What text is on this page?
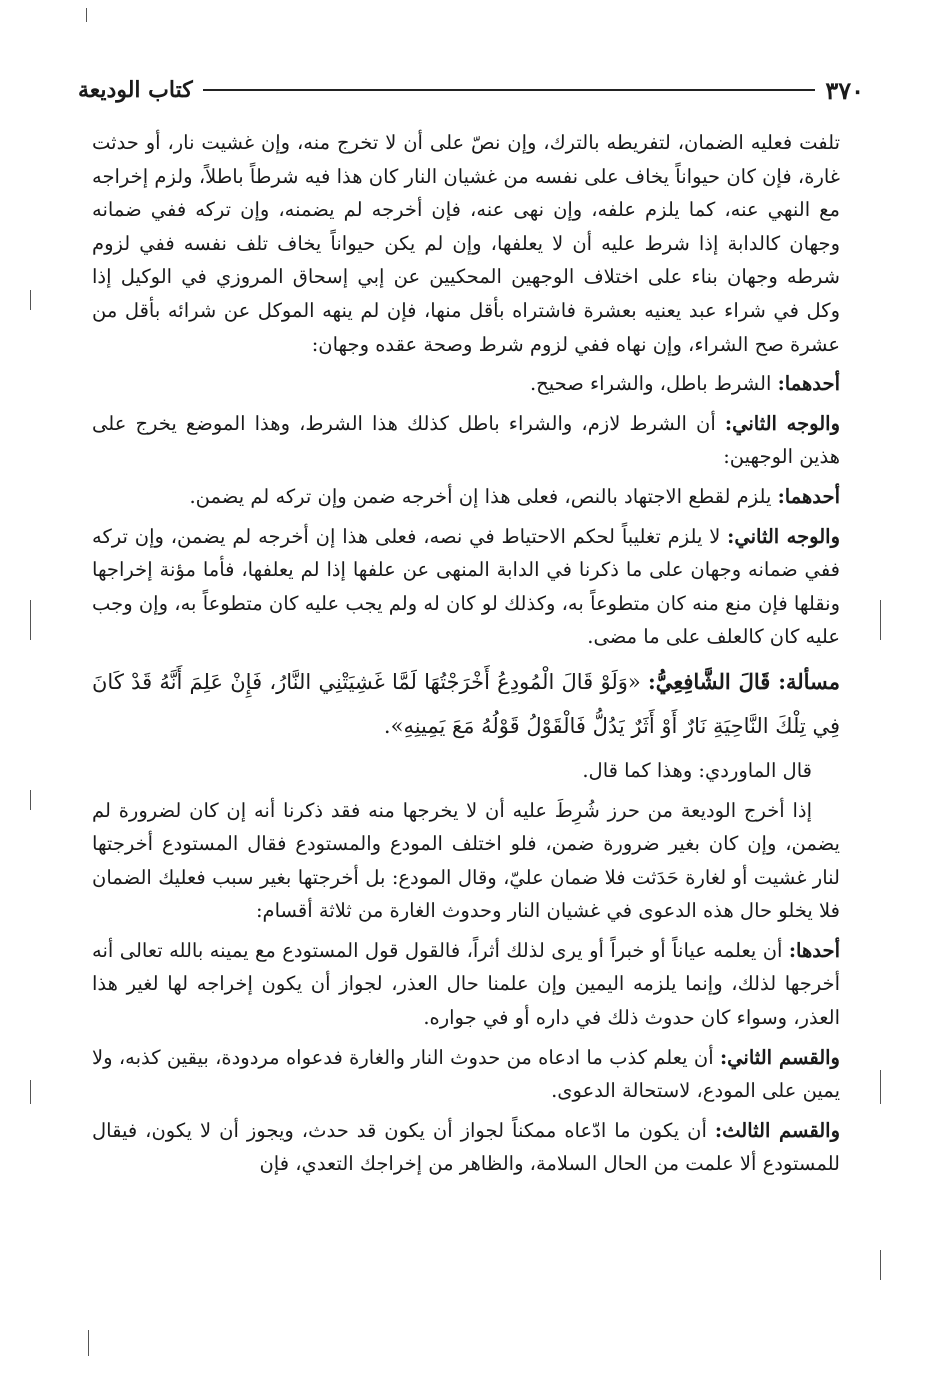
٣٧٠
كتاب الوديعة

تلفت فعليه الضمان، لتفريطه بالترك، وإن نصّ على أن لا تخرج منه، وإن غشيت نار، أو حدثت غارة، فإن كان حيواناً يخاف على نفسه من غشيان النار كان هذا فيه شرطاً باطلاً، ولزم إخراجه مع النهي عنه، كما يلزم علفه، وإن نهى عنه، فإن أخرجه لم يضمنه، وإن تركه ففي ضمانه وجهان كالدابة إذا شرط عليه أن لا يعلفها، وإن لم يكن حيواناً يخاف تلف نفسه ففي لزوم شرطه وجهان بناء على اختلاف الوجهين المحكيين عن إبي إسحاق المروزي في الوكيل إذا وكل في شراء عبد يعنيه بعشرة فاشتراه بأقل منها، فإن لم ينهه الموكل عن شرائه بأقل من عشرة صح الشراء، وإن نهاه ففي لزوم شرط وصحة عقده وجهان:

أحدهما: الشرط باطل، والشراء صحيح.

والوجه الثاني: أن الشرط لازم، والشراء باطل كذلك هذا الشرط، وهذا الموضع يخرج على هذين الوجهين:

أحدهما: يلزم لقطع الاجتهاد بالنص، فعلى هذا إن أخرجه ضمن وإن تركه لم يضمن.

والوجه الثاني: لا يلزم تغليباً لحكم الاحتياط في نصه، فعلى هذا إن أخرجه لم يضمن، وإن تركه ففي ضمانه وجهان على ما ذكرنا في الدابة المنهى عن علفها إذا لم يعلفها، فأما مؤنة إخراجها ونقلها فإن منع منه كان متطوعاً به، وكذلك لو كان له ولم يجب عليه كان متطوعاً به، وإن وجب عليه كان كالعلف على ما مضى.

مسألة: قَالَ الشَّافِعِيُّ: «وَلَوْ قَالَ الْمُودِعُ أَخْرَجْتُهَا لَمَّا غَشِيَتْنِي النَّارُ، فَإِنْ عَلِمَ أَنَّهُ قَدْ كَانَ فِي تِلْكَ النَّاحِيَةِ نَارٌ أَوْ أَثَرٌ يَدُلُّ فَالْقَوْلُ قَوْلُهُ مَعَ يَمِينِهِ».

قال الماوردي: وهذا كما قال.

إذا أخرج الوديعة من حرز شُرِطَ عليه أن لا يخرجها منه فقد ذكرنا أنه إن كان لضرورة لم يضمن، وإن كان بغير ضرورة ضمن، فلو اختلف المودع والمستودع فقال المستودع أخرجتها لنار غشيت أو لغارة حَدَثت فلا ضمان عليّ، وقال المودع: بل أخرجتها بغير سبب فعليك الضمان فلا يخلو حال هذه الدعوى في غشيان النار وحدوث الغارة من ثلاثة أقسام:

أحدها: أن يعلمه عياناً أو خبراً أو يرى لذلك أثراً، فالقول قول المستودع مع يمينه بالله تعالى أنه أخرجها لذلك، وإنما يلزمه اليمين وإن علمنا حال العذر، لجواز أن يكون إخراجه لها لغير هذا العذر، وسواء كان حدوث ذلك في داره أو في جواره.

والقسم الثاني: أن يعلم كذب ما ادعاه من حدوث النار والغارة فدعواه مردودة، بيقين كذبه، ولا يمين على المودع، لاستحالة الدعوى.

والقسم الثالث: أن يكون ما ادّعاه ممكناً لجواز أن يكون قد حدث، ويجوز أن لا يكون، فيقال للمستودع ألا علمت من الحال السلامة، والظاهر من إخراجك التعدي، فإن
